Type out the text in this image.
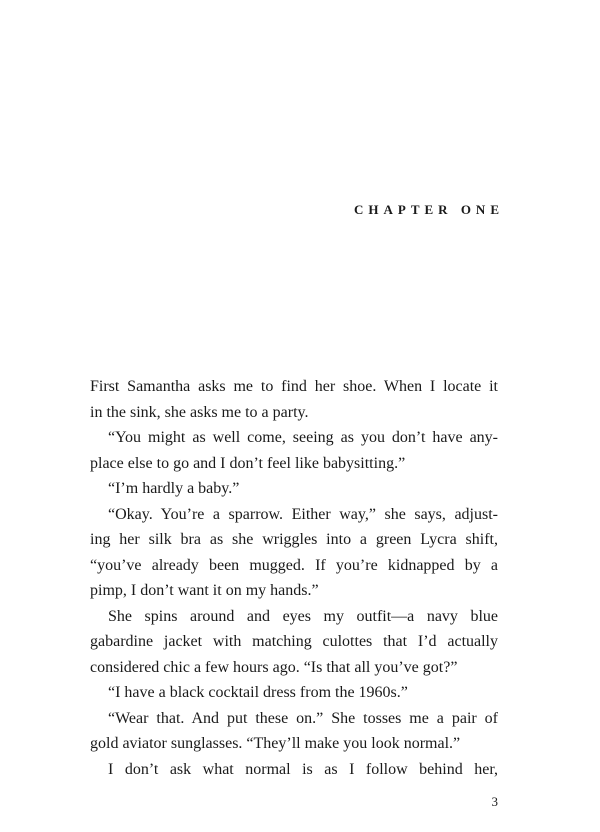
CHAPTER ONE
First Samantha asks me to find her shoe. When I locate it
in the sink, she asks me to a party.
“You might as well come, seeing as you don’t have any-
place else to go and I don’t feel like babysitting.”
“I’m hardly a baby.”
“Okay. You’re a sparrow. Either way,” she says, adjust-
ing her silk bra as she wriggles into a green Lycra shift,
“you’ve already been mugged. If you’re kidnapped by a
pimp, I don’t want it on my hands.”
She spins around and eyes my outfit—a navy blue
gabardine jacket with matching culottes that I’d actually
considered chic a few hours ago. “Is that all you’ve got?”
“I have a black cocktail dress from the 1960s.”
“Wear that. And put these on.” She tosses me a pair of
gold aviator sunglasses. “They’ll make you look normal.”
I don’t ask what normal is as I follow behind her,
3
